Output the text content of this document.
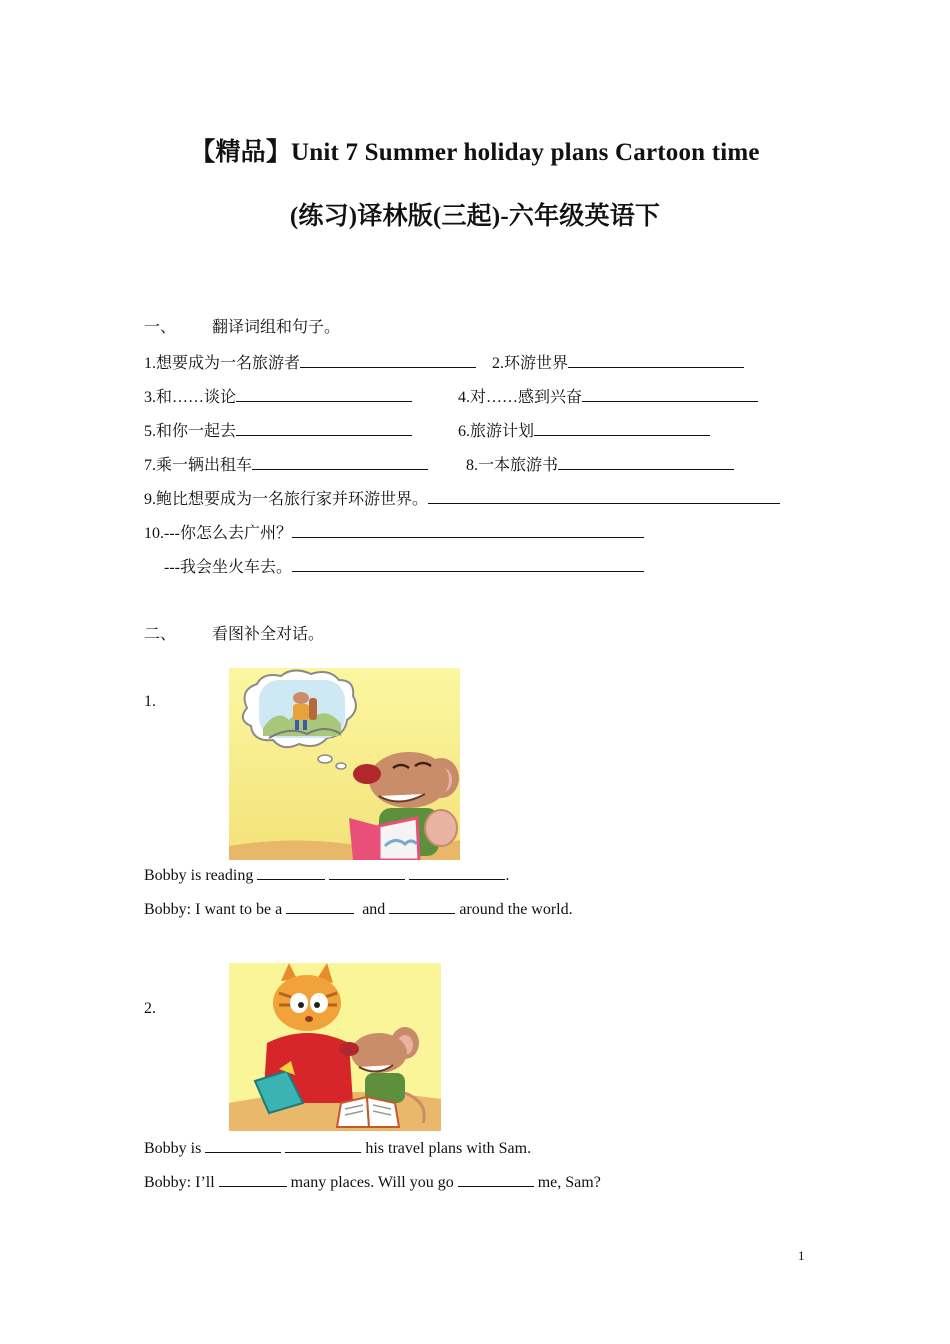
【精品】Unit 7 Summer holiday plans Cartoon time
(练习)译林版(三起)-六年级英语下
一、 翻译词组和句子。
1.想要成为一名旅游者	2.环游世界
3.和……谈论	4.对……感到兴奋
5.和你一起去	6.旅游计划
7.乘一辆出租车	8.一本旅游书
9.鲍比想要成为一名旅行家并环游世界。
10.---你怎么去广州？
---我会坐火车去。
二、 看图补全对话。
1.
Bobby is reading	.
Bobby: I want to be a	and	around the world.
2.
Bobby is	his travel plans with Sam.
Bobby: I’ll	many places. Will you go	me, Sam?
1
